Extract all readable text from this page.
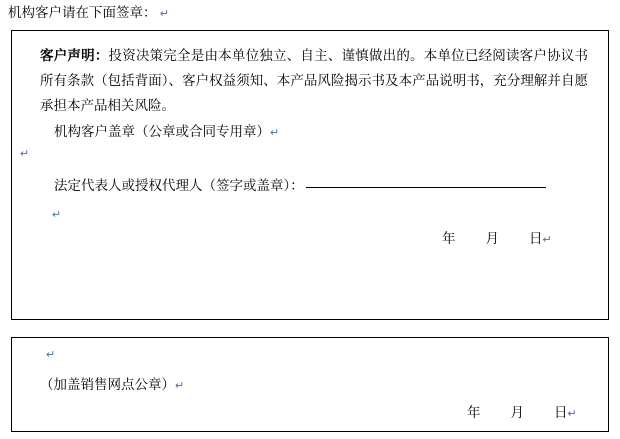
机构客户请在下面签章： ↵
客户声明：投资决策完全是由本单位独立、自主、谨慎做出的。本单位已经阅读客户协议书所有条款（包括背面）、客户权益须知、本产品风险揭示书及本产品说明书，充分理解并自愿承担本产品相关风险。
机构客户盖章（公章或合同专用章）↵
↵
法定代表人或授权代理人（签字或盖章）：
↵
年 月 日↵
↵
（加盖销售网点公章）↵
年 月 日↵
